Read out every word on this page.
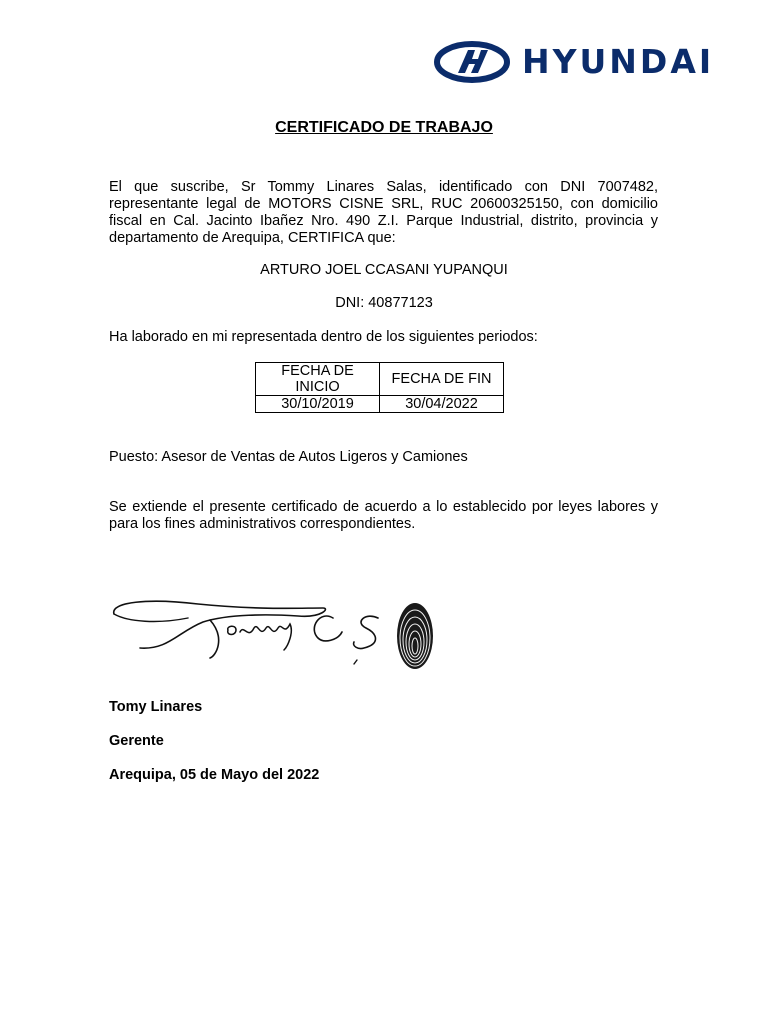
HYUNDAI
CERTIFICADO DE TRABAJO

El que suscribe, Sr Tommy Linares Salas, identificado con DNI 7007482, representante legal de MOTORS CISNE SRL, RUC 20600325150, con domicilio fiscal en Cal. Jacinto Ibañez Nro. 490 Z.I. Parque Industrial, distrito, provincia y departamento de Arequipa, CERTIFICA que:

ARTURO JOEL CCASANI YUPANQUI

DNI: 40877123

Ha laborado en mi representada dentro de los siguientes periodos:

FECHA DE INICIO	FECHA DE FIN
30/10/2019	30/04/2022

Puesto: Asesor de Ventas de Autos Ligeros y Camiones

Se extiende el presente certificado de acuerdo a lo establecido por leyes labores y para los fines administrativos correspondientes.

Tomy Linares

Gerente

Arequipa, 05 de Mayo del 2022
